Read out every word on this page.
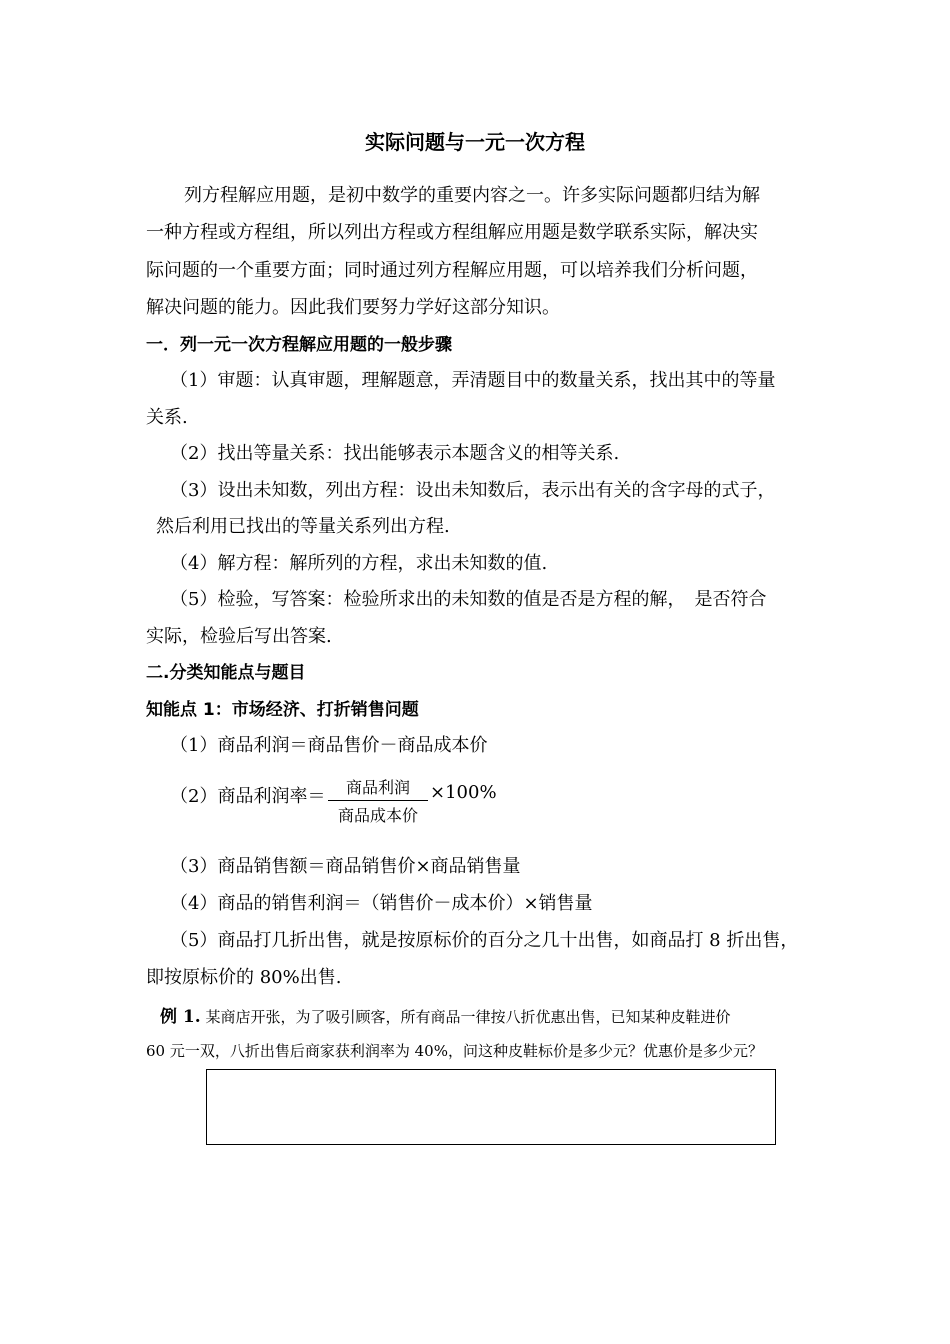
实际问题与一元一次方程
列方程解应用题，是初中数学的重要内容之一。许多实际问题都归结为解
一种方程或方程组，所以列出方程或方程组解应用题是数学联系实际，解决实
际问题的一个重要方面；同时通过列方程解应用题，可以培养我们分析问题，
解决问题的能力。因此我们要努力学好这部分知识。
一．列一元一次方程解应用题的一般步骤
（1）审题：认真审题，理解题意，弄清题目中的数量关系，找出其中的等量
关系.
（2）找出等量关系：找出能够表示本题含义的相等关系.
（3）设出未知数，列出方程：设出未知数后，表示出有关的含字母的式子，
然后利用已找出的等量关系列出方程.
（4）解方程：解所列的方程，求出未知数的值.
（5）检验，写答案：检验所求出的未知数的值是否是方程的解，　是否符合
实际，检验后写出答案.
二.分类知能点与题目
知能点 1：市场经济、打折销售问题
（1）商品利润＝商品售价－商品成本价
（2）商品利润率＝	商品利润
商品成本价
×100%
（3）商品销售额＝商品销售价×商品销售量
（4）商品的销售利润＝（销售价－成本价）×销售量
（5）商品打几折出售，就是按原标价的百分之几十出售，如商品打 8 折出售，
即按原标价的 80%出售.
例 1. 某商店开张，为了吸引顾客，所有商品一律按八折优惠出售，已知某种皮鞋进价
60 元一双，八折出售后商家获利润率为 40%，问这种皮鞋标价是多少元？优惠价是多少元？
